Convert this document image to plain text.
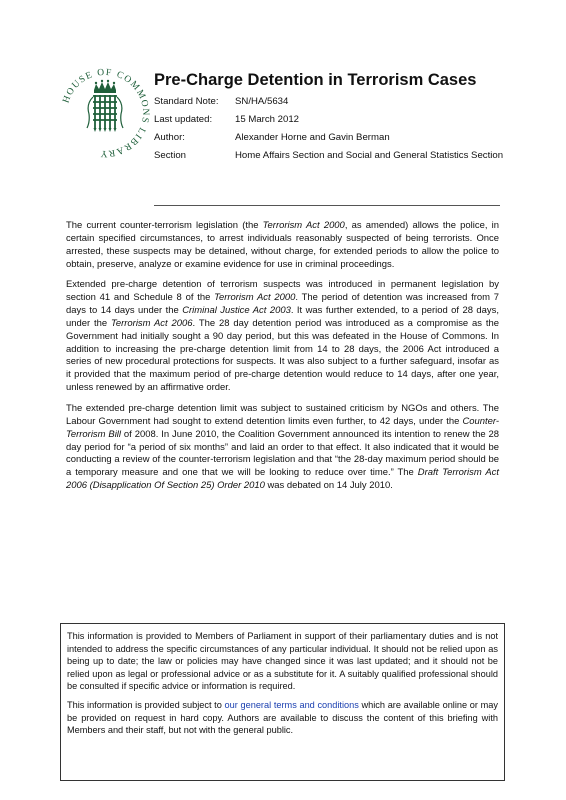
HOUSE OF COMMONS LIBRARY
Pre-Charge Detention in Terrorism Cases
Standard Note:	SN/HA/5634
Last updated:	15 March 2012
Author:	Alexander Horne and Gavin Berman
Section	Home Affairs Section and Social and General Statistics Section

The current counter-terrorism legislation (the Terrorism Act 2000, as amended) allows the police, in certain specified circumstances, to arrest individuals reasonably suspected of being terrorists. Once arrested, these suspects may be detained, without charge, for extended periods to allow the police to obtain, preserve, analyze or examine evidence for use in criminal proceedings.

Extended pre-charge detention of terrorism suspects was introduced in permanent legislation by section 41 and Schedule 8 of the Terrorism Act 2000. The period of detention was increased from 7 days to 14 days under the Criminal Justice Act 2003. It was further extended, to a period of 28 days, under the Terrorism Act 2006. The 28 day detention period was introduced as a compromise as the Government had initially sought a 90 day period, but this was defeated in the House of Commons. In addition to increasing the pre-charge detention limit from 14 to 28 days, the 2006 Act introduced a series of new procedural protections for suspects. It was also subject to a further safeguard, insofar as it provided that the maximum period of pre-charge detention would reduce to 14 days, after one year, unless renewed by an affirmative order.

The extended pre-charge detention limit was subject to sustained criticism by NGOs and others. The Labour Government had sought to extend detention limits even further, to 42 days, under the Counter-Terrorism Bill of 2008. In June 2010, the Coalition Government announced its intention to renew the 28 day period for “a period of six months” and laid an order to that effect. It also indicated that it would be conducting a review of the counter-terrorism legislation and that “the 28-day maximum period should be a temporary measure and one that we will be looking to reduce over time.” The Draft Terrorism Act 2006 (Disapplication Of Section 25) Order 2010 was debated on 14 July 2010.

This information is provided to Members of Parliament in support of their parliamentary duties and is not intended to address the specific circumstances of any particular individual. It should not be relied upon as being up to date; the law or policies may have changed since it was last updated; and it should not be relied upon as legal or professional advice or as a substitute for it. A suitably qualified professional should be consulted if specific advice or information is required.

This information is provided subject to our general terms and conditions which are available online or may be provided on request in hard copy. Authors are available to discuss the content of this briefing with Members and their staff, but not with the general public.
